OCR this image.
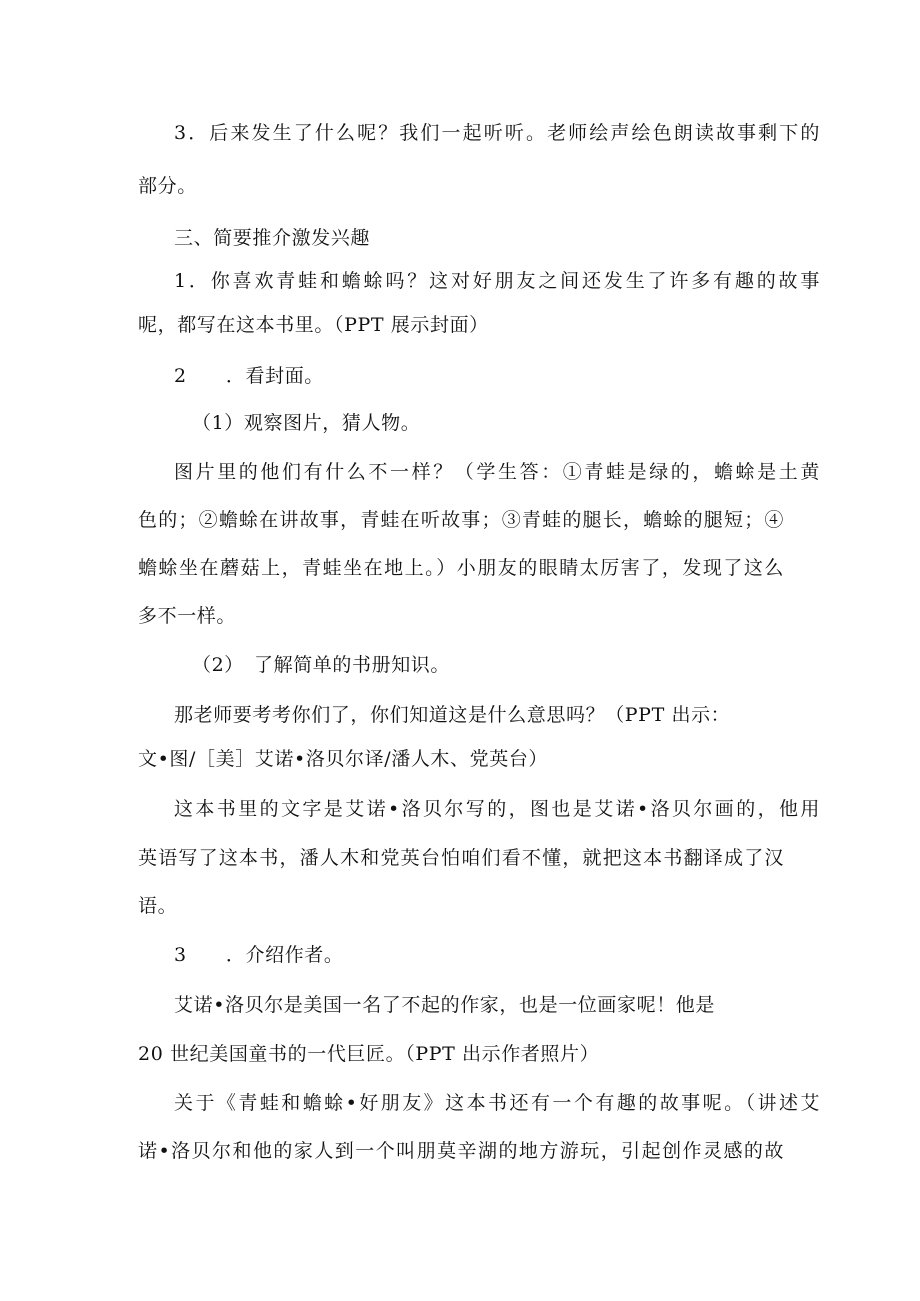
3．后来发生了什么呢？我们一起听听。老师绘声绘色朗读故事剩下的
部分。
三、简要推介激发兴趣
1．你喜欢青蛙和蟾蜍吗？这对好朋友之间还发生了许多有趣的故事
呢，都写在这本书里。（PPT 展示封面）
2　　．看封面。
（1）观察图片，猜人物。
图片里的他们有什么不一样？（学生答：①青蛙是绿的，蟾蜍是土黄
色的；②蟾蜍在讲故事，青蛙在听故事；③青蛙的腿长，蟾蜍的腿短；④
蟾蜍坐在蘑菇上，青蛙坐在地上。）小朋友的眼睛太厉害了，发现了这么
多不一样。
（2）　了解简单的书册知识。
那老师要考考你们了，你们知道这是什么意思吗？（PPT 出示：
文•图/［美］艾诺•洛贝尔译/潘人木、党英台）
这本书里的文字是艾诺•洛贝尔写的，图也是艾诺•洛贝尔画的，他用
英语写了这本书，潘人木和党英台怕咱们看不懂，就把这本书翻译成了汉
语。
3　　．介绍作者。
艾诺•洛贝尔是美国一名了不起的作家，也是一位画家呢！他是
20 世纪美国童书的一代巨匠。（PPT 出示作者照片）
关于《青蛙和蟾蜍•好朋友》这本书还有一个有趣的故事呢。（讲述艾
诺•洛贝尔和他的家人到一个叫朋莫辛湖的地方游玩，引起创作灵感的故
